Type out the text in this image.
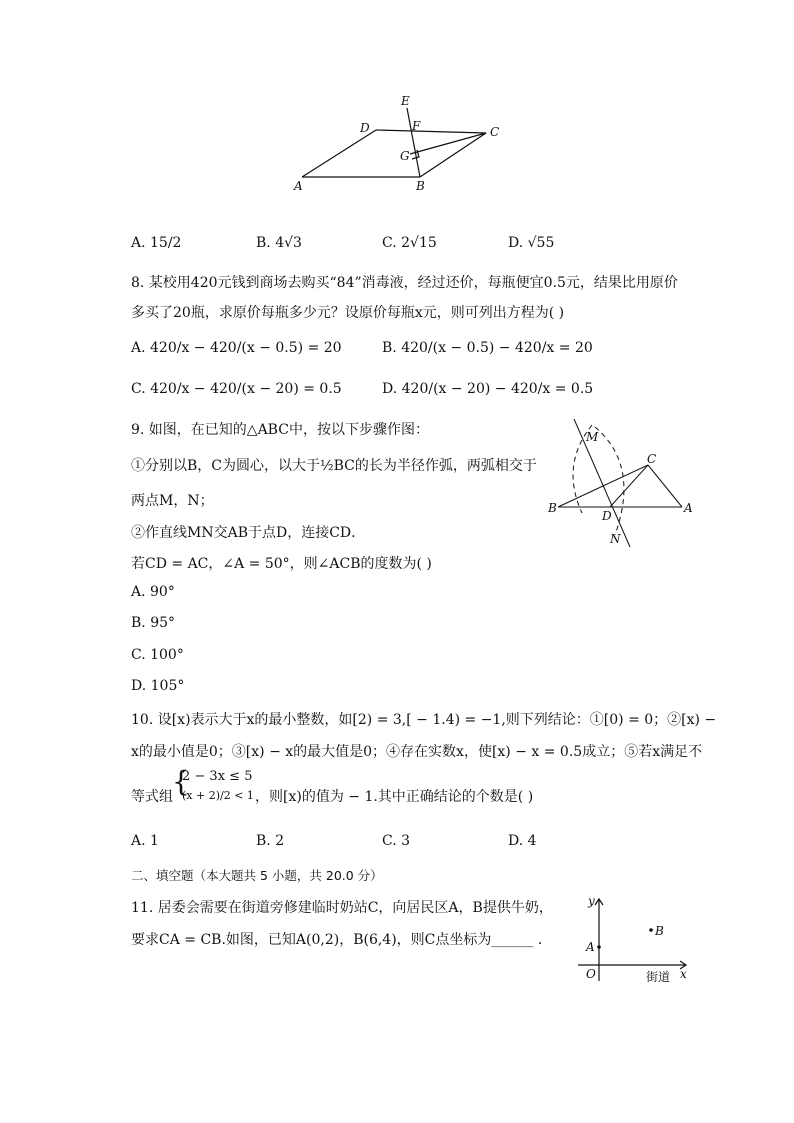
E
D	F	C
G
A	B
A. 15/2	B. 4√3	C. 2√15	D. √55
8. 某校用420元钱到商场去购买“84”消毒液，经过还价，每瓶便宜0.5元，结果比用原价
多买了20瓶，求原价每瓶多少元？设原价每瓶x元，则可列出方程为( )
A. 420/x − 420/(x − 0.5) = 20	B. 420/(x − 0.5) − 420/x = 20
C. 420/x − 420/(x − 20) = 0.5	D. 420/(x − 20) − 420/x = 0.5
9. 如图，在已知的△ABC中，按以下步骤作图：
①分别以B，C为圆心，以大于½BC的长为半径作弧，两弧相交于
两点M，N；
②作直线MN交AB于点D，连接CD．
若CD = AC，∠A = 50°，则∠ACB的度数为( )
A. 90°
B. 95°
C. 100°
D. 105°
M
C
B	A
D
N
10. 设[x)表示大于x的最小整数，如[2) = 3,[ − 1.4) = −1,则下列结论：①[0) = 0；②[x) −
x的最小值是0；③[x) − x的最大值是0；④存在实数x，使[x) − x = 0.5成立；⑤若x满足不
等式组 {
2 − 3x ≤ 5
(x + 2)/2 < 1 ，则[x)的值为 − 1.其中正确结论的个数是( )
A. 1	B. 2	C. 3	D. 4
二、填空题（本大题共 5 小题，共 20.0 分）
11. 居委会需要在街道旁修建临时奶站C，向居民区A，B提供牛奶，
要求CA = CB.如图，已知A(0,2)，B(6,4)，则C点坐标为______ .
y
A
B
O	x
街道
